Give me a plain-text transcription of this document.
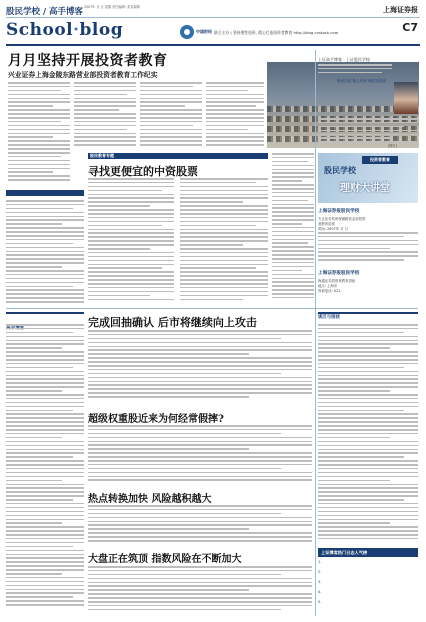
股民学校 / 高手博客 2007年 月 日 星期 责任编辑: 美术编辑	上海证券报
School·blog	中国财经 联合主办 | 坚持理性投资, 精心打造投资者教育 http://blog.cnstock.com	C7
月月坚持开展投资者教育
兴业证券上海金陵东路营业部投资者教育工作纪实
(图片)
股民教育专题
寻找更便宜的中资股票
上证高手博客 · 上证股民学校
股民学校 精心培育 理性投资者
投资者教育
股民学校
理财大讲堂
上海证券报股民学校
方正证券杭州保俶路营业部投资
者教育讲座
时间: 2007年 月 日
上海证券报股民学校
海通证券投资者教育讲座
地点: 上海市
咨询电话: 021-
完成回抽确认 后市将继续向上攻击
超级权重股近来为何经常假摔?
热点转换加快 风险越积越大
大盘正在筑顶 指数风险在不断加大
谈区与困扰
上证博客热门日志人气榜
1.
2.
3.
4.
5.
